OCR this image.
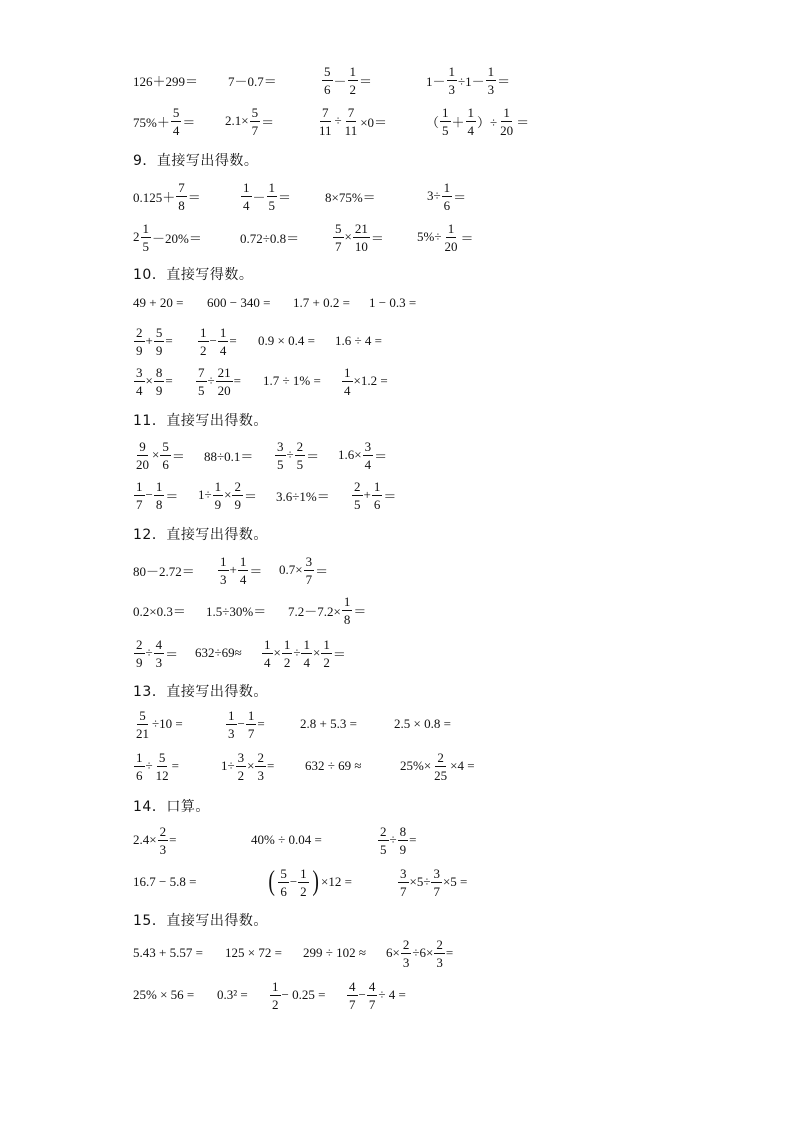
9．直接写出得数。
10．直接写得数。
11．直接写出得数。
12．直接写出得数。
13．直接写出得数。
14．口算。
15．直接写出得数。
126＋299＝ 7－0.7＝	$\frac{5}{6} - \frac{1}{2}$ ＝	$1- \frac{1}{3} \div 1- \frac{1}{3}$ ＝
$75\%+ \frac{5}{4} = 2.1\times \frac{5}{7}$ ＝	$\frac{7}{11} \div \frac{7}{11} \times 0=$	（ $\frac{1}{5} + \frac{1}{4}$ ）÷ $\frac{1}{20}$ ＝
$0.125+ \frac{7}{8}$ ＝	$\frac{1}{4} - \frac{1}{5}$ ＝	8×75%＝	$3\div \frac{1}{6}$ ＝
$2 \frac{1}{5} -20\%=$	0.72÷0.8＝	$\frac{5}{7} \times \frac{21}{10}$ ＝	$5\%\div \frac{1}{20}$ ＝
49 + 20 = 600 − 340 = 1.7 + 0.2 = 1 − 0.3 =
$\frac{2}{9} + \frac{5}{9} = \frac{1}{2} - \frac{1}{4} = 0.9 \times 0.4 = 1.6 \div 4$ =
$\frac{3}{4} \times \frac{8}{9} = \frac{7}{5} \div \frac{21}{20} = 1.7 \div 1\% = \frac{1}{4} \times 1.2$ =
$\frac{9}{20} \times \frac{5}{6} = 88\div 0.1= \frac{3}{5} \div \frac{2}{5} = 1.6\times \frac{3}{4}$ ＝
$\frac{1}{7} - \frac{1}{8} = 1\div \frac{1}{9} \times \frac{2}{9} = 3.6\div 1\%= \frac{2}{5} + \frac{1}{6}$ ＝
$80-2.72= \frac{1}{3} + \frac{1}{4} = 0.7\times \frac{3}{7}$ ＝
$0.2\times 0.3= 1.5\div 30\%= 7.2-7.2\times \frac{1}{8}$ ＝
$\frac{2}{9} \div \frac{4}{3} = 632\div 69\approx \frac{1}{4} \times \frac{1}{2} \div \frac{1}{4} \times \frac{1}{2}$ ＝
$\frac{5}{21} \div 10$ =	$\frac{1}{3} - \frac{1}{7}$ =	2.8 + 5.3 =	2.5 × 0.8 =
$\frac{1}{6} \div \frac{5}{12}$ =	$1\div \frac{3}{2} \times \frac{2}{3} = 632 \div 69$ ≈	$25\%\times \frac{2}{25} \times 4$ =
$2.4\times \frac{2}{3}$ =	40% ÷ 0.04 =	$\frac{2}{5} \div \frac{8}{9}$ =
16.7 − 5.8 =	( $\frac{5}{6} - \frac{1}{2}$ ) ×12 =	$\frac{3}{7} \times 5\div \frac{3}{7} \times 5$ =
$5.43 + 5.57 = 125 \times 72 = 299 \div 102 \approx 6\times \frac{2}{3} \div 6\times \frac{2}{3}$ =
$25\% \times 56 = 0.3^2 = \frac{1}{2} - 0.25 = \frac{4}{7} - \frac{4}{7} \div 4$ =
